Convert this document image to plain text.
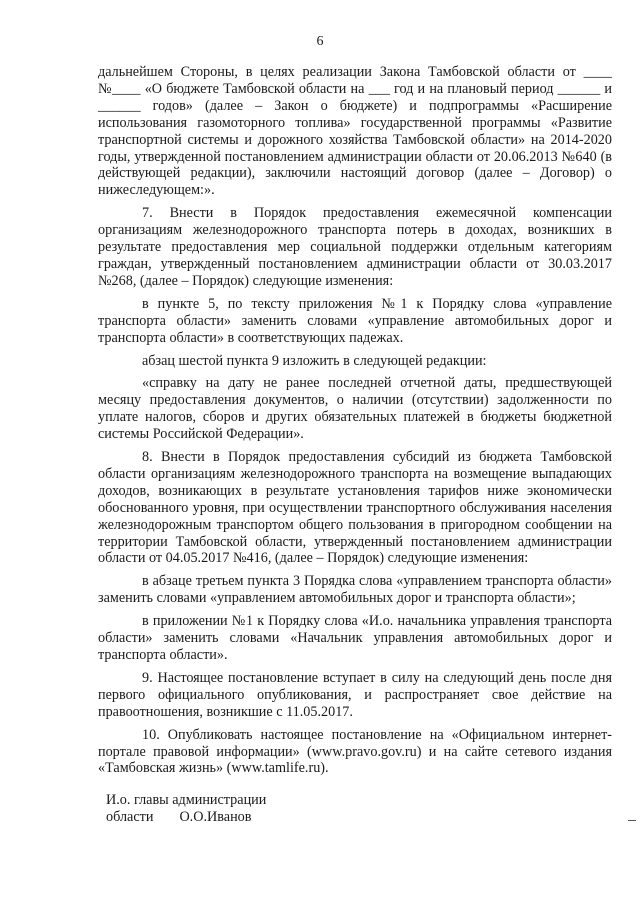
6

дальнейшем Стороны, в целях реализации Закона Тамбовской области от ____ №____ «О бюджете Тамбовской области на ___ год и на плановый период ______ и ______ годов» (далее – Закон о бюджете) и подпрограммы «Расширение использования газомоторного топлива» государственной программы «Развитие транспортной системы и дорожного хозяйства Тамбовской области» на 2014-2020 годы, утвержденной постановлением администрации области от 20.06.2013 №640 (в действующей редакции), заключили настоящий договор (далее – Договор) о нижеследующем:».

7. Внести в Порядок предоставления ежемесячной компенсации организациям железнодорожного транспорта потерь в доходах, возникших в результате предоставления мер социальной поддержки отдельным категориям граждан, утвержденный постановлением администрации области от 30.03.2017 №268, (далее – Порядок) следующие изменения:

в пункте 5, по тексту приложения №1 к Порядку слова «управление транспорта области» заменить словами «управление автомобильных дорог и транспорта области» в соответствующих падежах.

абзац шестой пункта 9 изложить в следующей редакции:

«справку на дату не ранее последней отчетной даты, предшествующей месяцу предоставления документов, о наличии (отсутствии) задолженности по уплате налогов, сборов и других обязательных платежей в бюджеты бюджетной системы Российской Федерации».

8. Внести в Порядок предоставления субсидий из бюджета Тамбовской области организациям железнодорожного транспорта на возмещение выпадающих доходов, возникающих в результате установления тарифов ниже экономически обоснованного уровня, при осуществлении транспортного обслуживания населения железнодорожным транспортом общего пользования в пригородном сообщении на территории Тамбовской области, утвержденный постановлением администрации области от 04.05.2017 №416, (далее – Порядок) следующие изменения:

в абзаце третьем пункта 3 Порядка слова «управлением транспорта области» заменить словами «управлением автомобильных дорог и транспорта области»;

в приложении №1 к Порядку слова «И.о. начальника управления транспорта области» заменить словами «Начальник управления автомобильных дорог и транспорта области».

9. Настоящее постановление вступает в силу на следующий день после дня первого официального опубликования, и распространяет свое действие на правоотношения, возникшие с 11.05.2017.

10. Опубликовать настоящее постановление на «Официальном интернет-портале правовой информации» (www.pravo.gov.ru) и на сайте сетевого издания «Тамбовская жизнь» (www.tamlife.ru).

И.о. главы администрации
области О.О.Иванов
